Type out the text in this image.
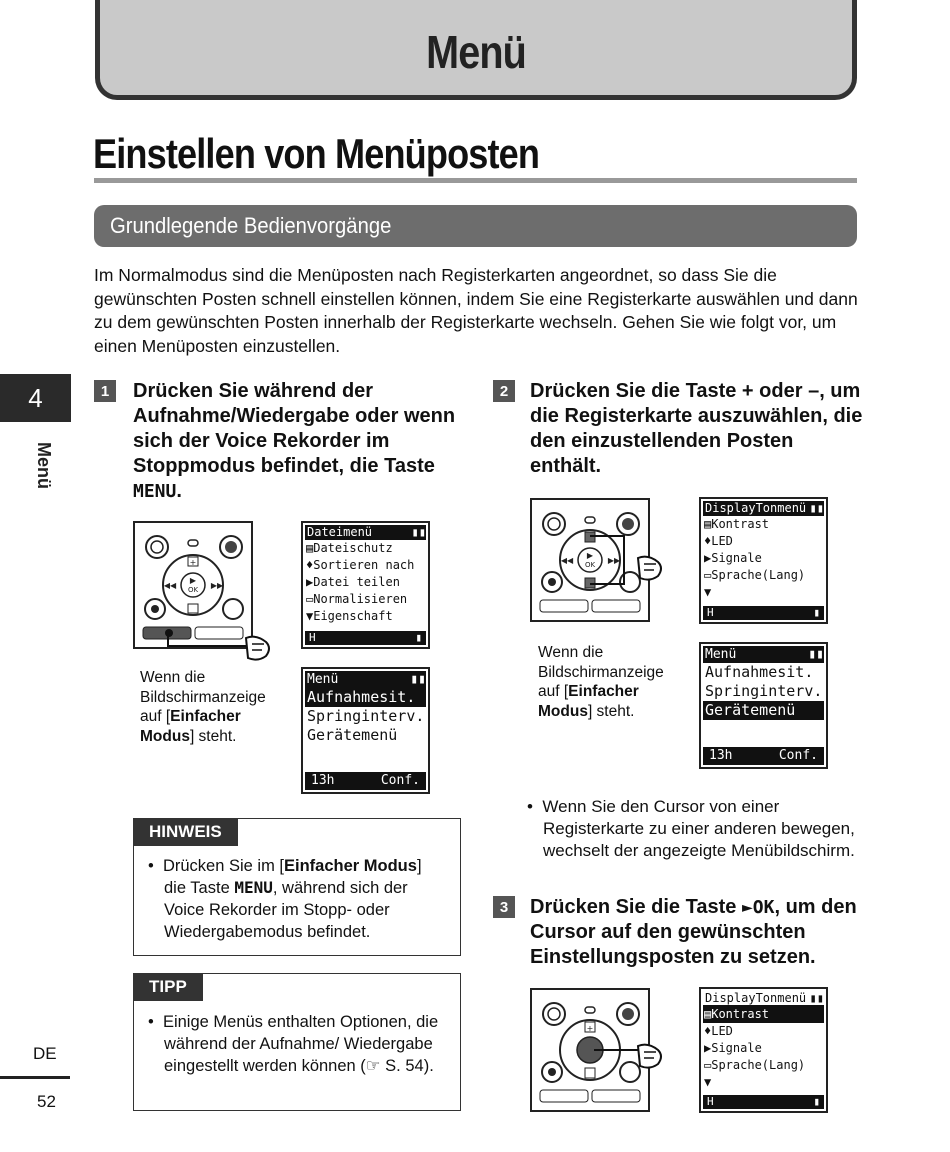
Menü
Einstellen von Menüposten
Grundlegende Bedienvorgänge

Im Normalmodus sind die Menüposten nach Registerkarten angeordnet, so dass Sie die gewünschten Posten schnell einstellen können, indem Sie eine Registerkarte auswählen und dann zu dem gewünschten Posten innerhalb der Registerkarte wechseln. Gehen Sie wie folgt vor, um einen Menüposten einzustellen.

4
Menü
DE
52
1	Drücken Sie während der Aufnahme/Wiedergabe oder wenn sich der Voice Rekorder im Stoppmodus befindet, die Taste MENU.
▶
OK
+
◀◀	▶▶
Dateimenü	▮▮
▤Dateischutz
♦Sortieren nach
▶Datei teilen
▭Normalisieren
▼Eigenschaft
H	▮
Wenn die
Bildschirmanzeige
auf [Einfacher
Modus] steht.
Menü	▮▮
Aufnahmesit.
Springinterv.
Gerätemenü
13h	Conf.
HINWEIS
•  Drücken Sie im [Einfacher Modus] die Taste MENU, während sich der Voice Rekorder im Stopp- oder Wiedergabemodus befindet.
TIPP
•  Einige Menüs enthalten Optionen, die während der Aufnahme/ Wiedergabe eingestellt werden können (☞ S. 54).
2	Drücken Sie die Taste + oder –, um die Registerkarte auszuwählen, die den einzustellenden Posten enthält.
▶
OK
◀◀	▶▶
DisplayTonmenü ▮▮
▤Kontrast
♦LED
▶Signale
▭Sprache(Lang)
▼
H	▮
Wenn die
Bildschirmanzeige
auf [Einfacher
Modus] steht.
Menü	▮▮
Aufnahmesit.
Springinterv.
Gerätemenü
13h	Conf.
•  Wenn Sie den Cursor von einer Registerkarte zu einer anderen bewegen, wechselt der angezeigte Menübildschirm.
3	Drücken Sie die Taste ►OK, um den Cursor auf den gewünschten Einstellungsposten zu setzen.
+
DisplayTonmenü ▮▮
▤Kontrast
♦LED
▶Signale
▭Sprache(Lang)
▼
H	▮
